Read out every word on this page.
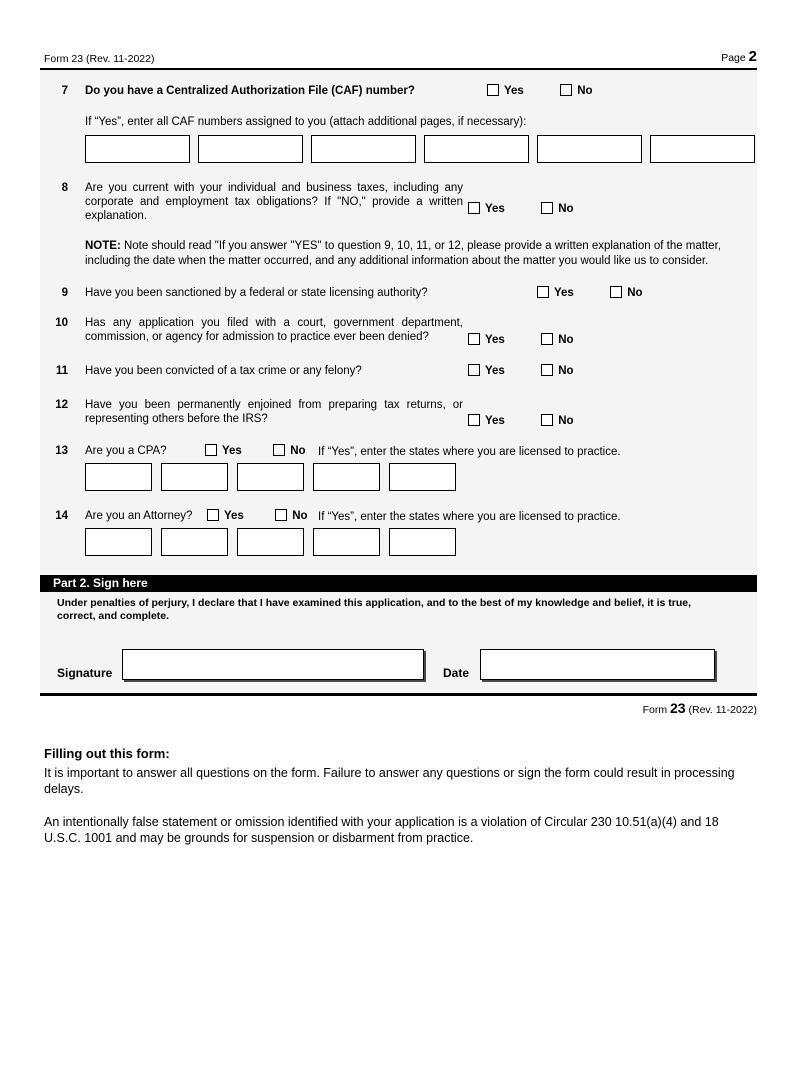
Form 23 (Rev. 11-2022)	Page 2
7 Do you have a Centralized Authorization File (CAF) number?	Yes	No
If “Yes”, enter all CAF numbers assigned to you (attach additional pages, if necessary):
8 Are you current with your individual and business taxes, including any corporate and employment tax obligations? If "NO," provide a written explanation.
Yes	No
NOTE: Note should read "If you answer "YES" to question 9, 10, 11, or 12, please provide a written explanation of the matter, including the date when the matter occurred, and any additional information about the matter you would like us to consider.
9 Have you been sanctioned by a federal or state licensing authority?	Yes	No
10 Has any application you filed with a court, government department, commission, or agency for admission to practice ever been denied?	Yes	No
11 Have you been convicted of a tax crime or any felony?	Yes	No
12 Have you been permanently enjoined from preparing tax returns, or representing others before the IRS?	Yes	No
13 Are you a CPA?	Yes	No If “Yes”, enter the states where you are licensed to practice.
14 Are you an Attorney?	Yes	No If “Yes”, enter the states where you are licensed to practice.
Part 2. Sign here
Under penalties of perjury, I declare that I have examined this application, and to the best of my knowledge and belief, it is true, correct, and complete.
Signature	Date
Form 23 (Rev. 11-2022)
Filling out this form:

It is important to answer all questions on the form. Failure to answer any questions or sign the form could result in processing delays.

An intentionally false statement or omission identified with your application is a violation of Circular 230 10.51(a)(4) and 18 U.S.C. 1001 and may be grounds for suspension or disbarment from practice.
